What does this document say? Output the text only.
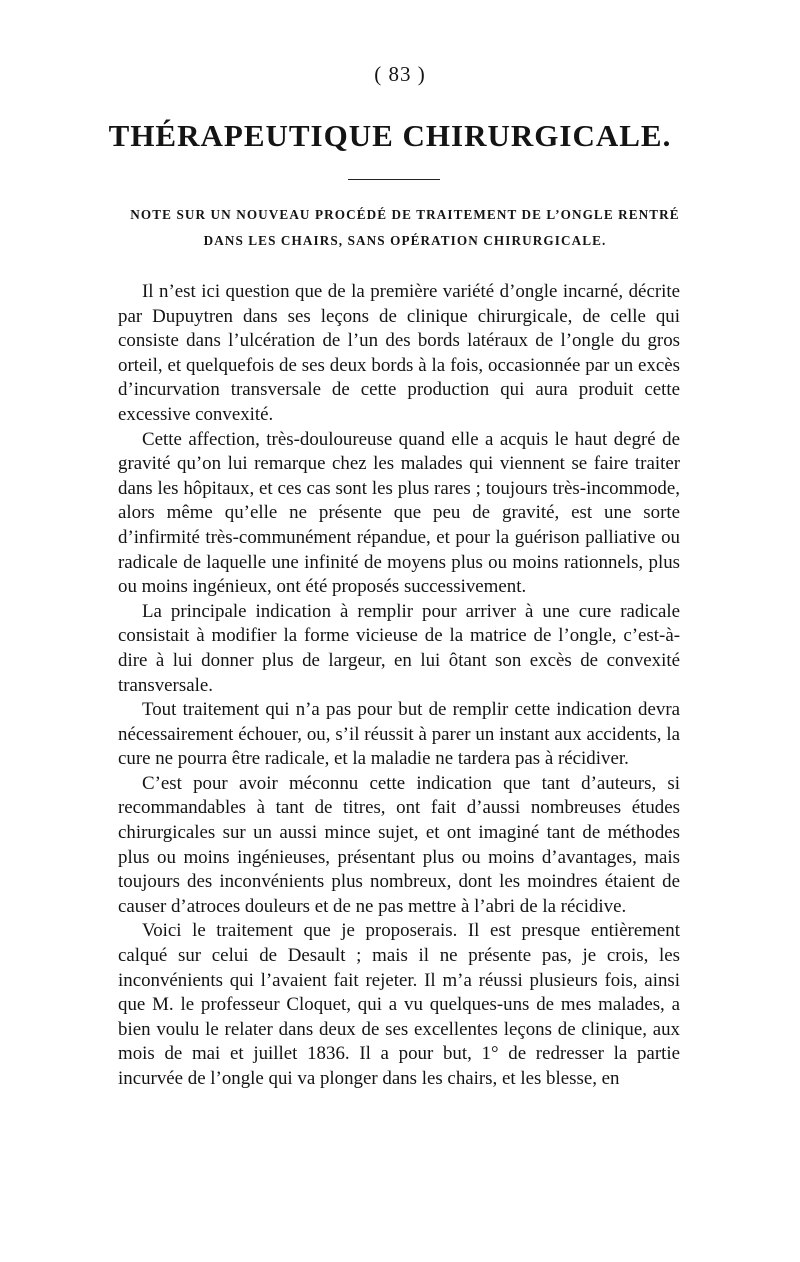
( 83 )
THÉRAPEUTIQUE CHIRURGICALE.
NOTE SUR UN NOUVEAU PROCÉDÉ DE TRAITEMENT DE L’ONGLE RENTRÉ DANS LES CHAIRS, SANS OPÉRATION CHIRURGICALE.

Il n’est ici question que de la première variété d’ongle incarné, décrite par Dupuytren dans ses leçons de clinique chirurgicale, de celle qui consiste dans l’ulcération de l’un des bords latéraux de l’ongle du gros orteil, et quelquefois de ses deux bords à la fois, occasionnée par un excès d’incurvation transversale de cette production qui aura produit cette excessive convexité.

Cette affection, très-douloureuse quand elle a acquis le haut degré de gravité qu’on lui remarque chez les malades qui viennent se faire traiter dans les hôpitaux, et ces cas sont les plus rares ; toujours très-incommode, alors même qu’elle ne présente que peu de gravité, est une sorte d’infirmité très-communément répandue, et pour la guérison palliative ou radicale de laquelle une infinité de moyens plus ou moins rationnels, plus ou moins ingénieux, ont été proposés successivement.

La principale indication à remplir pour arriver à une cure radicale consistait à modifier la forme vicieuse de la matrice de l’ongle, c’est-à-dire à lui donner plus de largeur, en lui ôtant son excès de convexité transversale.

Tout traitement qui n’a pas pour but de remplir cette indication devra nécessairement échouer, ou, s’il réussit à parer un instant aux accidents, la cure ne pourra être radicale, et la maladie ne tardera pas à récidiver.

C’est pour avoir méconnu cette indication que tant d’auteurs, si recommandables à tant de titres, ont fait d’aussi nombreuses études chirurgicales sur un aussi mince sujet, et ont imaginé tant de méthodes plus ou moins ingénieuses, présentant plus ou moins d’avantages, mais toujours des inconvénients plus nombreux, dont les moindres étaient de causer d’atroces douleurs et de ne pas mettre à l’abri de la récidive.

Voici le traitement que je proposerais. Il est presque entièrement calqué sur celui de Desault ; mais il ne présente pas, je crois, les inconvénients qui l’avaient fait rejeter. Il m’a réussi plusieurs fois, ainsi que M. le professeur Cloquet, qui a vu quelques-uns de mes malades, a bien voulu le relater dans deux de ses excellentes leçons de clinique, aux mois de mai et juillet 1836. Il a pour but, 1° de redresser la partie incurvée de l’ongle qui va plonger dans les chairs, et les blesse, en
